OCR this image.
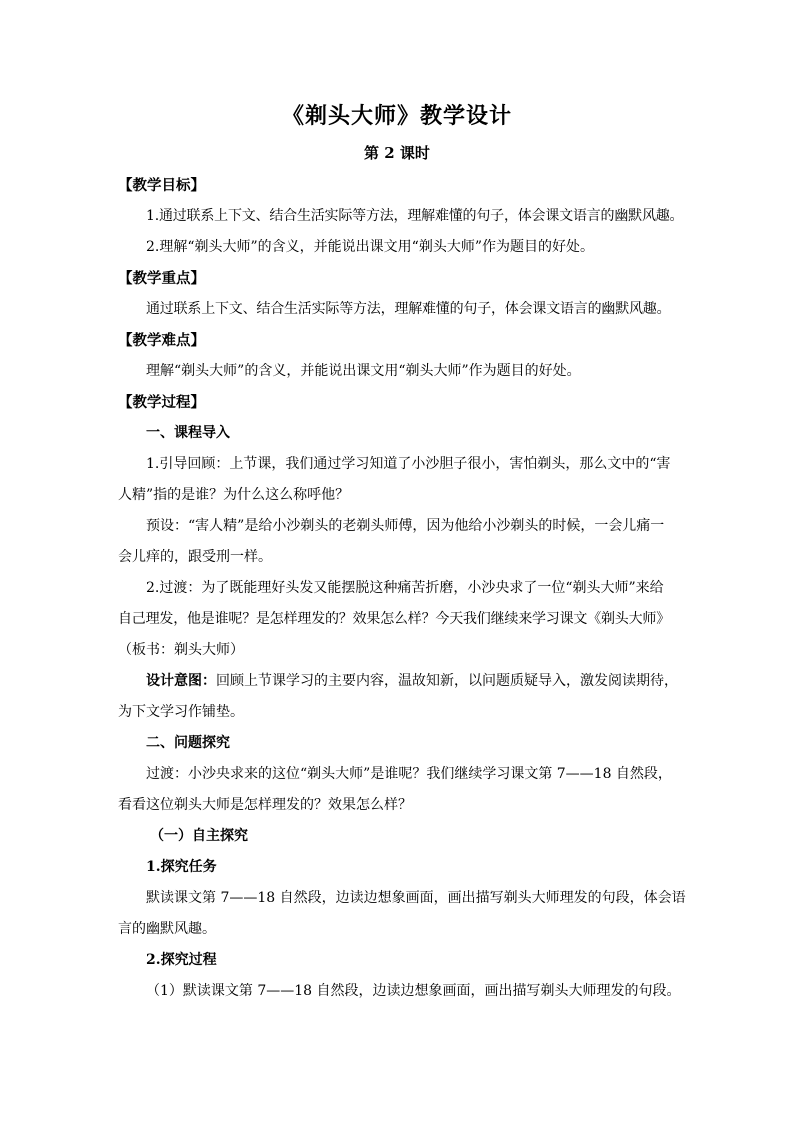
《剃头大师》教学设计
第 2 课时
【教学目标】
1.通过联系上下文、结合生活实际等方法，理解难懂的句子，体会课文语言的幽默风趣。
2.理解“剃头大师”的含义，并能说出课文用“剃头大师”作为题目的好处。
【教学重点】
通过联系上下文、结合生活实际等方法，理解难懂的句子，体会课文语言的幽默风趣。
【教学难点】
理解“剃头大师”的含义，并能说出课文用“剃头大师”作为题目的好处。
【教学过程】
一、课程导入
1.引导回顾：上节课，我们通过学习知道了小沙胆子很小，害怕剃头，那么文中的“害
人精”指的是谁？为什么这么称呼他？
预设：“害人精”是给小沙剃头的老剃头师傅，因为他给小沙剃头的时候，一会儿痛一
会儿痒的，跟受刑一样。
2.过渡：为了既能理好头发又能摆脱这种痛苦折磨，小沙央求了一位“剃头大师”来给
自己理发，他是谁呢？是怎样理发的？效果怎么样？今天我们继续来学习课文《剃头大师》
（板书：剃头大师）
设计意图：回顾上节课学习的主要内容，温故知新，以问题质疑导入，激发阅读期待，
为下文学习作铺垫。
二、问题探究
过渡：小沙央求来的这位“剃头大师”是谁呢？我们继续学习课文第 7——18 自然段，
看看这位剃头大师是怎样理发的？效果怎么样？
（一）自主探究
1.探究任务
默读课文第 7——18 自然段，边读边想象画面，画出描写剃头大师理发的句段，体会语
言的幽默风趣。
2.探究过程
（1）默读课文第 7——18 自然段，边读边想象画面，画出描写剃头大师理发的句段。
